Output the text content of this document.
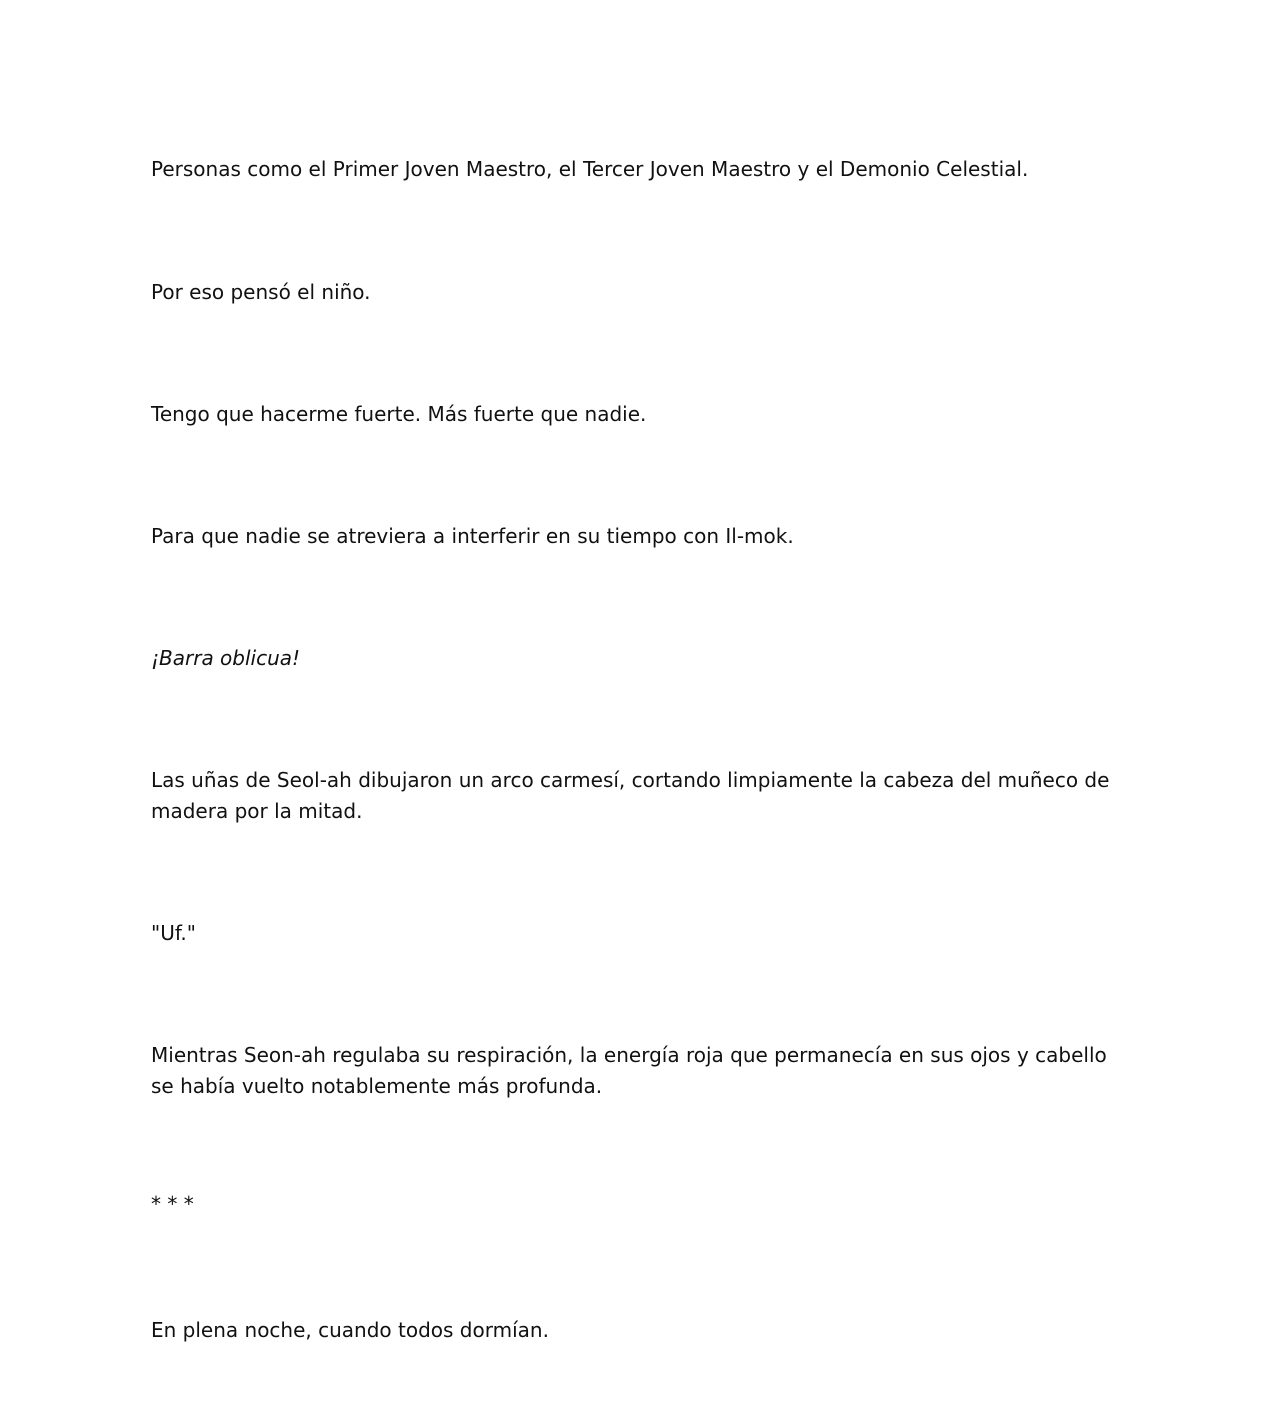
Personas como el Primer Joven Maestro, el Tercer Joven Maestro y el Demonio Celestial.

Por eso pensó el niño.

Tengo que hacerme fuerte. Más fuerte que nadie.

Para que nadie se atreviera a interferir en su tiempo con Il-mok.

¡Barra oblicua!

Las uñas de Seol-ah dibujaron un arco carmesí, cortando limpiamente la cabeza del muñeco de madera por la mitad.

"Uf."

Mientras Seon-ah regulaba su respiración, la energía roja que permanecía en sus ojos y cabello se había vuelto notablemente más profunda.

* * *

En plena noche, cuando todos dormían.
